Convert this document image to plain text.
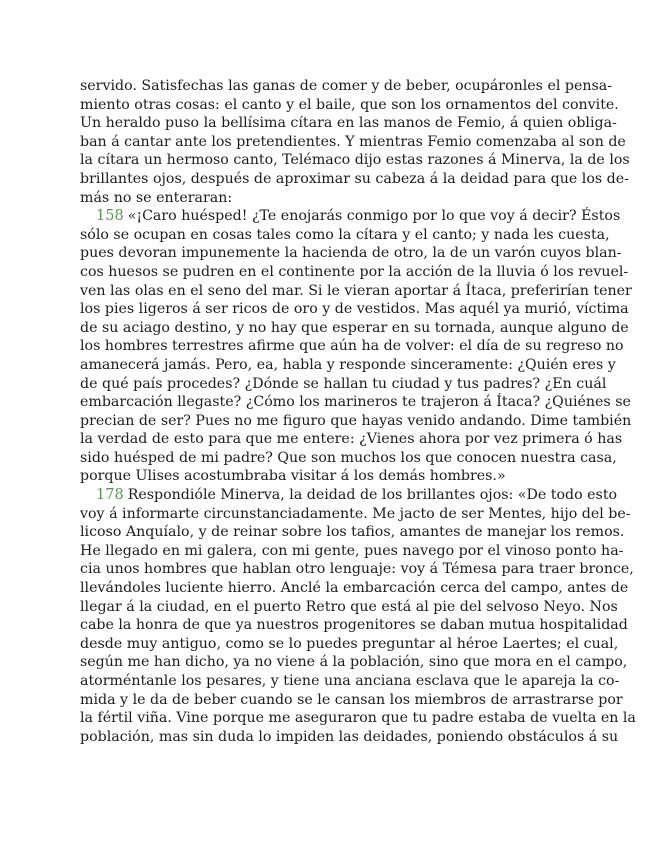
servido. Satisfechas las ganas de comer y de beber, ocupáronles el pensa-
miento otras cosas: el canto y el baile, que son los ornamentos del convite.
Un heraldo puso la bellísima cítara en las manos de Femio, á quien obliga-
ban á cantar ante los pretendientes. Y mientras Femio comenzaba al son de
la cítara un hermoso canto, Telémaco dijo estas razones á Minerva, la de los
brillantes ojos, después de aproximar su cabeza á la deidad para que los de-
más no se enteraran:
158 «¡Caro huésped! ¿Te enojarás conmigo por lo que voy á decir? Éstos
sólo se ocupan en cosas tales como la cítara y el canto; y nada les cuesta,
pues devoran impunemente la hacienda de otro, la de un varón cuyos blan-
cos huesos se pudren en el continente por la acción de la lluvia ó los revuel-
ven las olas en el seno del mar. Si le vieran aportar á Ítaca, preferirían tener
los pies ligeros á ser ricos de oro y de vestidos. Mas aquél ya murió, víctima
de su aciago destino, y no hay que esperar en su tornada, aunque alguno de
los hombres terrestres afirme que aún ha de volver: el día de su regreso no
amanecerá jamás. Pero, ea, habla y responde sinceramente: ¿Quién eres y
de qué país procedes? ¿Dónde se hallan tu ciudad y tus padres? ¿En cuál
embarcación llegaste? ¿Cómo los marineros te trajeron á Ítaca? ¿Quiénes se
precian de ser? Pues no me figuro que hayas venido andando. Dime también
la verdad de esto para que me entere: ¿Vienes ahora por vez primera ó has
sido huésped de mi padre? Que son muchos los que conocen nuestra casa,
porque Ulises acostumbraba visitar á los demás hombres.»
178 Respondióle Minerva, la deidad de los brillantes ojos: «De todo esto
voy á informarte circunstanciadamente. Me jacto de ser Mentes, hijo del be-
licoso Anquíalo, y de reinar sobre los tafios, amantes de manejar los remos.
He llegado en mi galera, con mi gente, pues navego por el vinoso ponto ha-
cia unos hombres que hablan otro lenguaje: voy á Témesa para traer bronce,
llevándoles luciente hierro. Anclé la embarcación cerca del campo, antes de
llegar á la ciudad, en el puerto Retro que está al pie del selvoso Neyo. Nos
cabe la honra de que ya nuestros progenitores se daban mutua hospitalidad
desde muy antiguo, como se lo puedes preguntar al héroe Laertes; el cual,
según me han dicho, ya no viene á la población, sino que mora en el campo,
atorméntanle los pesares, y tiene una anciana esclava que le apareja la co-
mida y le da de beber cuando se le cansan los miembros de arrastrarse por
la fértil viña. Vine porque me aseguraron que tu padre estaba de vuelta en la
población, mas sin duda lo impiden las deidades, poniendo obstáculos á su
